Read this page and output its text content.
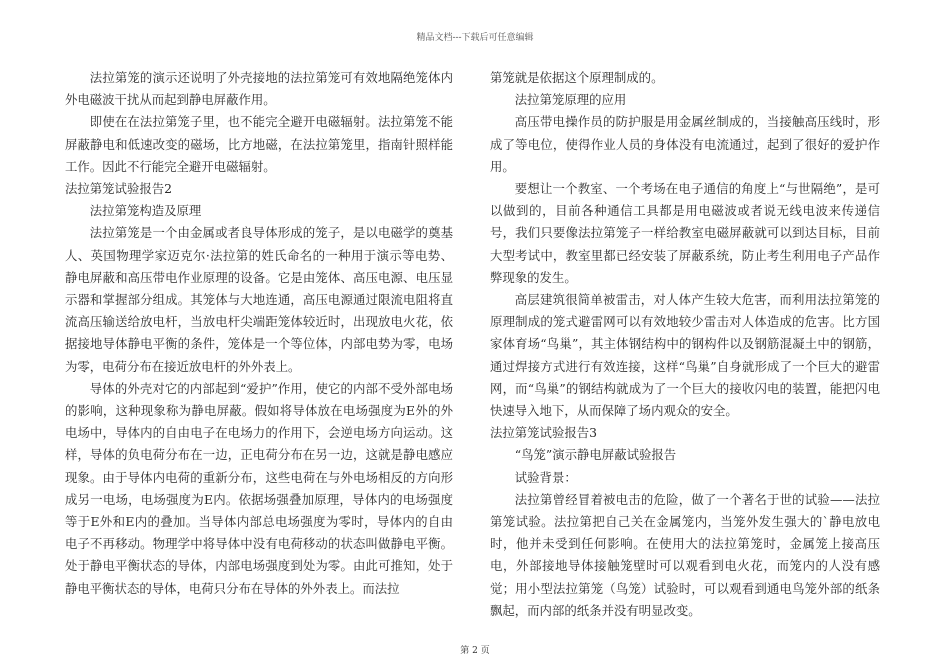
精品文档---下载后可任意编辑

法拉第笼的演示还说明了外壳接地的法拉第笼可有效地隔绝笼体内外电磁波干扰从而起到静电屏蔽作用。

即使在在法拉第笼子里，也不能完全避开电磁辐射。法拉第笼不能屏蔽静电和低速改变的磁场，比方地磁，在法拉第笼里，指南针照样能工作。因此不行能完全避开电磁辐射。

法拉第笼试验报告2

法拉第笼构造及原理

法拉第笼是一个由金属或者良导体形成的笼子，是以电磁学的奠基人、英国物理学家迈克尔·法拉第的姓氏命名的一种用于演示等电势、静电屏蔽和高压带电作业原理的设备。它是由笼体、高压电源、电压显示器和掌握部分组成。其笼体与大地连通，高压电源通过限流电阻将直流高压输送给放电杆，当放电杆尖端距笼体较近时，出现放电火花，依据接地导体静电平衡的条件，笼体是一个等位体，内部电势为零，电场为零，电荷分布在接近放电杆的外外表上。

导体的外壳对它的内部起到“爱护”作用，使它的内部不受外部电场的影响，这种现象称为静电屏蔽。假如将导体放在电场强度为E外的外电场中，导体内的自由电子在电场力的作用下，会逆电场方向运动。这样，导体的负电荷分布在一边，正电荷分布在另一边，这就是静电感应现象。由于导体内电荷的重新分布，这些电荷在与外电场相反的方向形成另一电场，电场强度为E内。依据场强叠加原理，导体内的电场强度等于E外和E内的叠加。当导体内部总电场强度为零时，导体内的自由电子不再移动。物理学中将导体中没有电荷移动的状态叫做静电平衡。处于静电平衡状态的导体，内部电场强度到处为零。由此可推知，处于静电平衡状态的导体，电荷只分布在导体的外外表上。而法拉

第笼就是依据这个原理制成的。

法拉第笼原理的应用

高压带电操作员的防护服是用金属丝制成的，当接触高压线时，形成了等电位，使得作业人员的身体没有电流通过，起到了很好的爱护作用。

要想让一个教室、一个考场在电子通信的角度上“与世隔绝”，是可以做到的，目前各种通信工具都是用电磁波或者说无线电波来传递信号，我们只要像法拉第笼子一样给教室电磁屏蔽就可以到达目标，目前大型考试中，教室里都已经安装了屏蔽系统，防止考生利用电子产品作弊现象的发生。

高层建筑很简单被雷击，对人体产生较大危害，而利用法拉第笼的原理制成的笼式避雷网可以有效地较少雷击对人体造成的危害。比方国家体育场“鸟巢”，其主体钢结构中的钢构件以及钢筋混凝土中的钢筋，通过焊接方式进行有效连接，这样“鸟巢”自身就形成了一个巨大的避雷网，而“鸟巢”的钢结构就成为了一个巨大的接收闪电的装置，能把闪电快速导入地下，从而保障了场内观众的安全。

法拉第笼试验报告3

“鸟笼”演示静电屏蔽试验报告

试验背景：

法拉第曾经冒着被电击的危险，做了一个著名于世的试验——法拉第笼试验。法拉第把自己关在金属笼内，当笼外发生强大的`静电放电时，他并未受到任何影响。在使用大的法拉第笼时，金属笼上接高压电，外部接地导体接触笼壁时可以观看到电火花，而笼内的人没有感觉；用小型法拉第笼（鸟笼）试验时，可以观看到通电鸟笼外部的纸条飘起，而内部的纸条并没有明显改变。

第 2 页
